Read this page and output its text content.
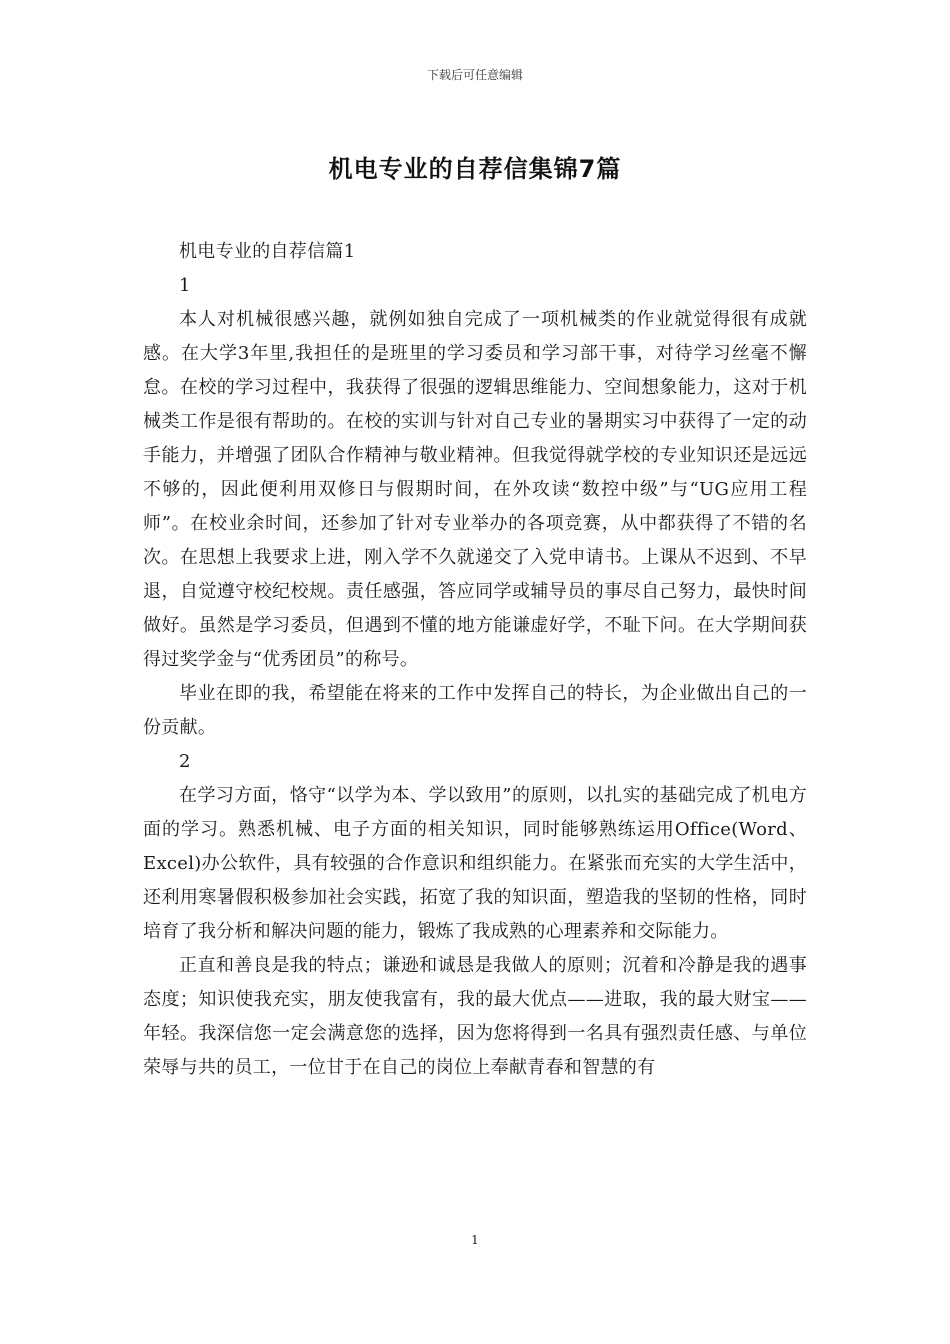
下载后可任意编辑
机电专业的自荐信集锦7篇

机电专业的自荐信篇1

1

本人对机械很感兴趣，就例如独自完成了一项机械类的作业就觉得很有成就感。在大学3年里,我担任的是班里的学习委员和学习部干事，对待学习丝毫不懈怠。在校的学习过程中，我获得了很强的逻辑思维能力、空间想象能力，这对于机械类工作是很有帮助的。在校的实训与针对自己专业的暑期实习中获得了一定的动手能力，并增强了团队合作精神与敬业精神。但我觉得就学校的专业知识还是远远不够的，因此便利用双修日与假期时间，在外攻读“数控中级”与“UG应用工程师”。在校业余时间，还参加了针对专业举办的各项竞赛，从中都获得了不错的名次。在思想上我要求上进，刚入学不久就递交了入党申请书。上课从不迟到、不早退，自觉遵守校纪校规。责任感强，答应同学或辅导员的事尽自己努力，最快时间做好。虽然是学习委员，但遇到不懂的地方能谦虚好学，不耻下问。在大学期间获得过奖学金与“优秀团员”的称号。

毕业在即的我，希望能在将来的工作中发挥自己的特长，为企业做出自己的一份贡献。

2

在学习方面，恪守“以学为本、学以致用”的原则，以扎实的基础完成了机电方面的学习。熟悉机械、电子方面的相关知识，同时能够熟练运用Office(Word、Excel)办公软件，具有较强的合作意识和组织能力。在紧张而充实的大学生活中，还利用寒暑假积极参加社会实践，拓宽了我的知识面，塑造我的坚韧的性格，同时培育了我分析和解决问题的能力，锻炼了我成熟的心理素养和交际能力。

正直和善良是我的特点；谦逊和诚恳是我做人的原则；沉着和冷静是我的遇事态度；知识使我充实，朋友使我富有，我的最大优点——进取，我的最大财宝——年轻。我深信您一定会满意您的选择，因为您将得到一名具有强烈责任感、与单位荣辱与共的员工，一位甘于在自己的岗位上奉献青春和智慧的有

1
